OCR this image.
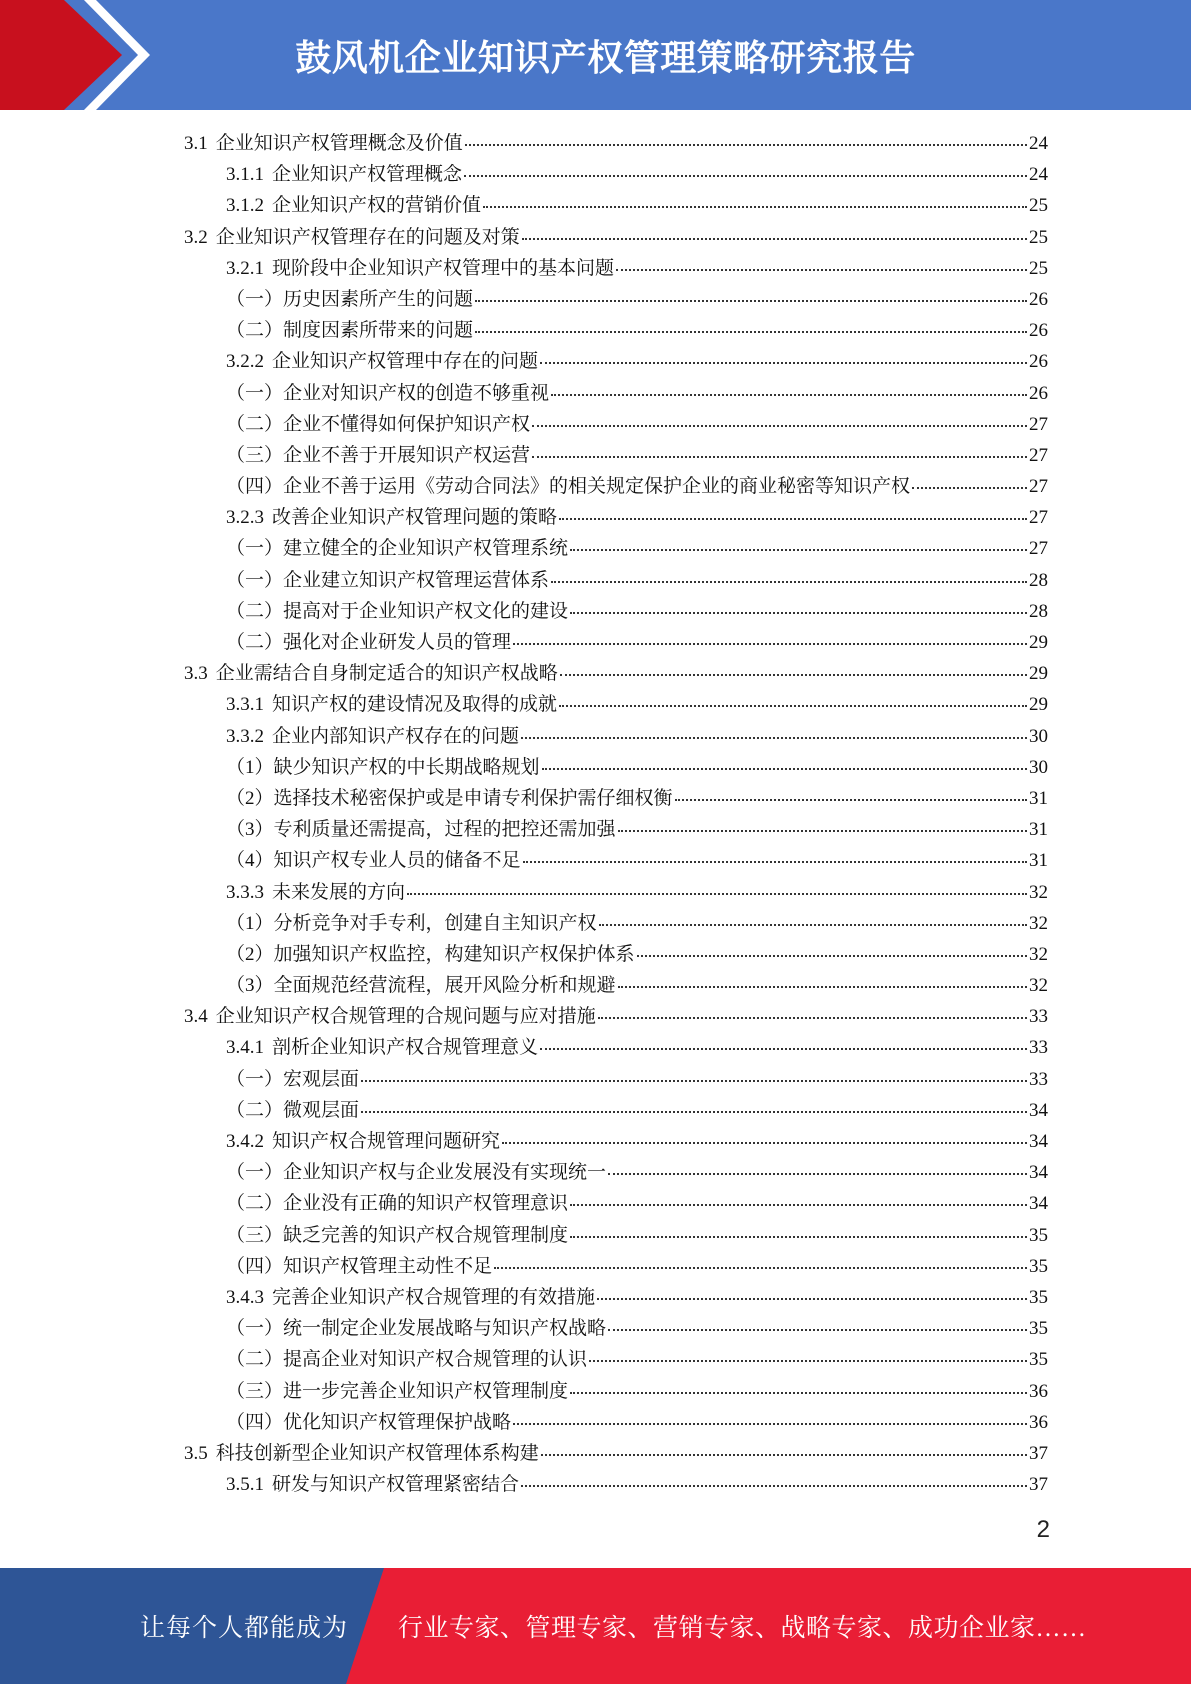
鼓风机企业知识产权管理策略研究报告
3.1 企业知识产权管理概念及价值	24
3.1.1 企业知识产权管理概念	24
3.1.2 企业知识产权的营销价值	25
3.2 企业知识产权管理存在的问题及对策	25
3.2.1 现阶段中企业知识产权管理中的基本问题	25
（一）历史因素所产生的问题	26
（二）制度因素所带来的问题	26
3.2.2 企业知识产权管理中存在的问题	26
（一）企业对知识产权的创造不够重视	26
（二）企业不懂得如何保护知识产权	27
（三）企业不善于开展知识产权运营	27
（四）企业不善于运用《劳动合同法》的相关规定保护企业的商业秘密等知识产权	27
3.2.3 改善企业知识产权管理问题的策略	27
（一）建立健全的企业知识产权管理系统	27
（一）企业建立知识产权管理运营体系	28
（二）提高对于企业知识产权文化的建设	28
（二）强化对企业研发人员的管理	29
3.3 企业需结合自身制定适合的知识产权战略	29
3.3.1 知识产权的建设情况及取得的成就	29
3.3.2 企业内部知识产权存在的问题	30
（1）缺少知识产权的中长期战略规划	30
（2）选择技术秘密保护或是申请专利保护需仔细权衡	31
（3）专利质量还需提高，过程的把控还需加强	31
（4）知识产权专业人员的储备不足	31
3.3.3 未来发展的方向	32
（1）分析竞争对手专利，创建自主知识产权	32
（2）加强知识产权监控，构建知识产权保护体系	32
（3）全面规范经营流程，展开风险分析和规避	32
3.4 企业知识产权合规管理的合规问题与应对措施	33
3.4.1 剖析企业知识产权合规管理意义	33
（一）宏观层面	33
（二）微观层面	34
3.4.2 知识产权合规管理问题研究	34
（一）企业知识产权与企业发展没有实现统一	34
（二）企业没有正确的知识产权管理意识	34
（三）缺乏完善的知识产权合规管理制度	35
（四）知识产权管理主动性不足	35
3.4.3 完善企业知识产权合规管理的有效措施	35
（一）统一制定企业发展战略与知识产权战略	35
（二）提高企业对知识产权合规管理的认识	35
（三）进一步完善企业知识产权管理制度	36
（四）优化知识产权管理保护战略	36
3.5 科技创新型企业知识产权管理体系构建	37
3.5.1 研发与知识产权管理紧密结合	37
2
让每个人都能成为 行业专家、管理专家、营销专家、战略专家、成功企业家……
